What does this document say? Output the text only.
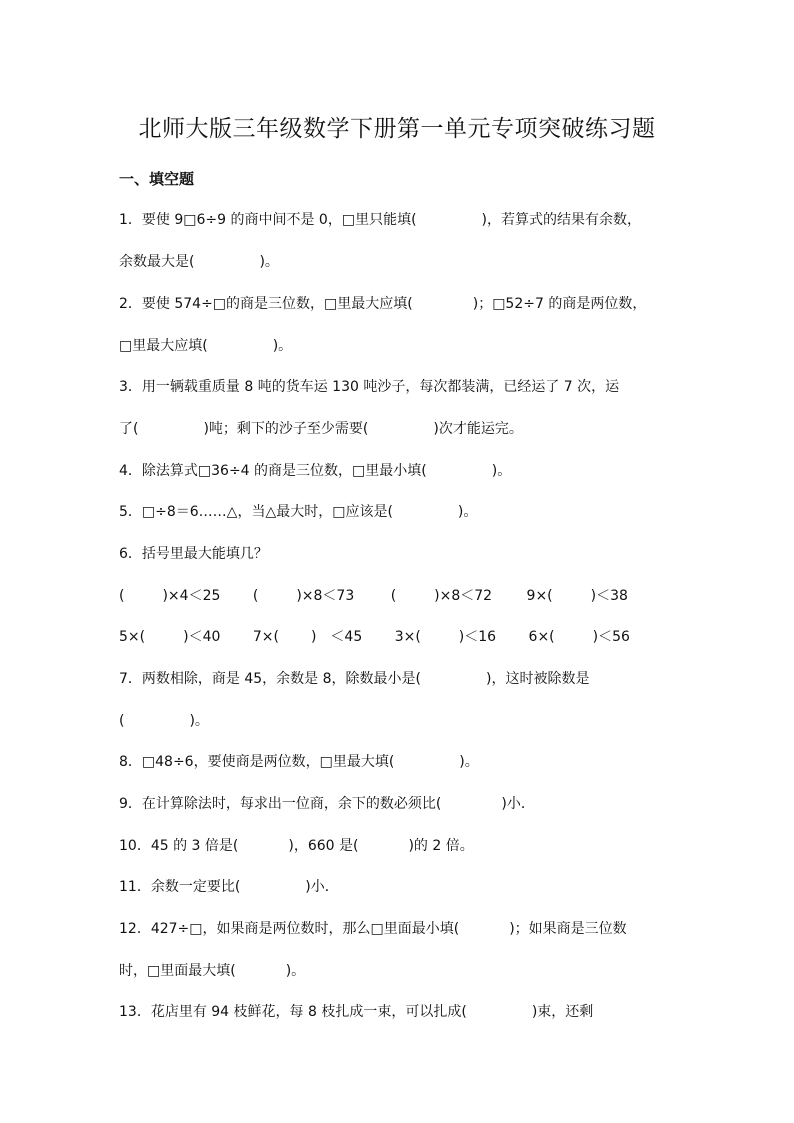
北师大版三年级数学下册第一单元专项突破练习题
一、填空题
1．要使 9□6÷9 的商中间不是 0，□里只能填(	)，若算式的结果有余数，
余数最大是(	)。
2．要使 574÷□的商是三位数，□里最大应填(	)；□52÷7 的商是两位数，
□里最大应填(	)。
3．用一辆载重质量 8 吨的货车运 130 吨沙子，每次都装满，已经运了 7 次，运
了(	)吨；剩下的沙子至少需要(	)次才能运完。
4．除法算式□36÷4 的商是三位数，□里最小填(	)。
5．□÷8＝6……△，当△最大时，□应该是(	)。
6．括号里最大能填几？
(	)×4＜25 (	)×8＜73	(	)×8＜72 9×(	)＜38
5×(	)＜40 7×( )　＜45 3×(	)＜16 6×(	)＜56
7．两数相除，商是 45，余数是 8，除数最小是(	)，这时被除数是
(	)。
8．□48÷6，要使商是两位数，□里最大填(	)。
9．在计算除法时，每求出一位商，余下的数必须比(	)小．
10．45 的 3 倍是(	)，660 是(	)的 2 倍。
11．余数一定要比(	)小．
12．427÷□，如果商是两位数时，那么□里面最小填(	)；如果商是三位数
时，□里面最大填(	)。
13．花店里有 94 枝鲜花，每 8 枝扎成一束，可以扎成(	)束，还剩
